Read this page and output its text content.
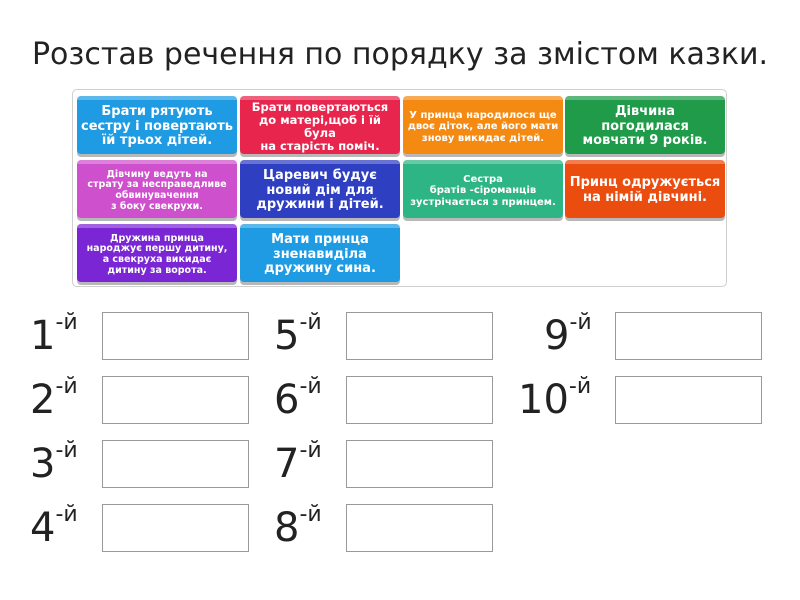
Розстав речення по порядку за змістом казки.
Брати рятують
сестру і повертають
їй трьох дітей.
Брати повертаються
до матері,щоб і їй була
на старість поміч.
У принца народилося ще
двоє діток, але його мати
знову викидає дітей.
Дівчина
погодилася
мовчати 9 років.
Дівчину ведуть на
страту за несправедливе
обвинувачення
з боку свекрухи.
Царевич будує
новий дім для
дружини і дітей.
Сестра
братів -сіроманців
зустрічається з принцем.
Принц одружується
на німій дівчині.
Дружина принца
народжує першу дитину,
а свекруха викидає
дитину за ворота.
Мати принца
зненавиділа
дружину сина.
$1^{-й}$
$2^{-й}$
$3^{-й}$
$4^{-й}$
$5^{-й}$
$6^{-й}$
$7^{-й}$
$8^{-й}$
$9^{-й}$
$10^{-й}$
